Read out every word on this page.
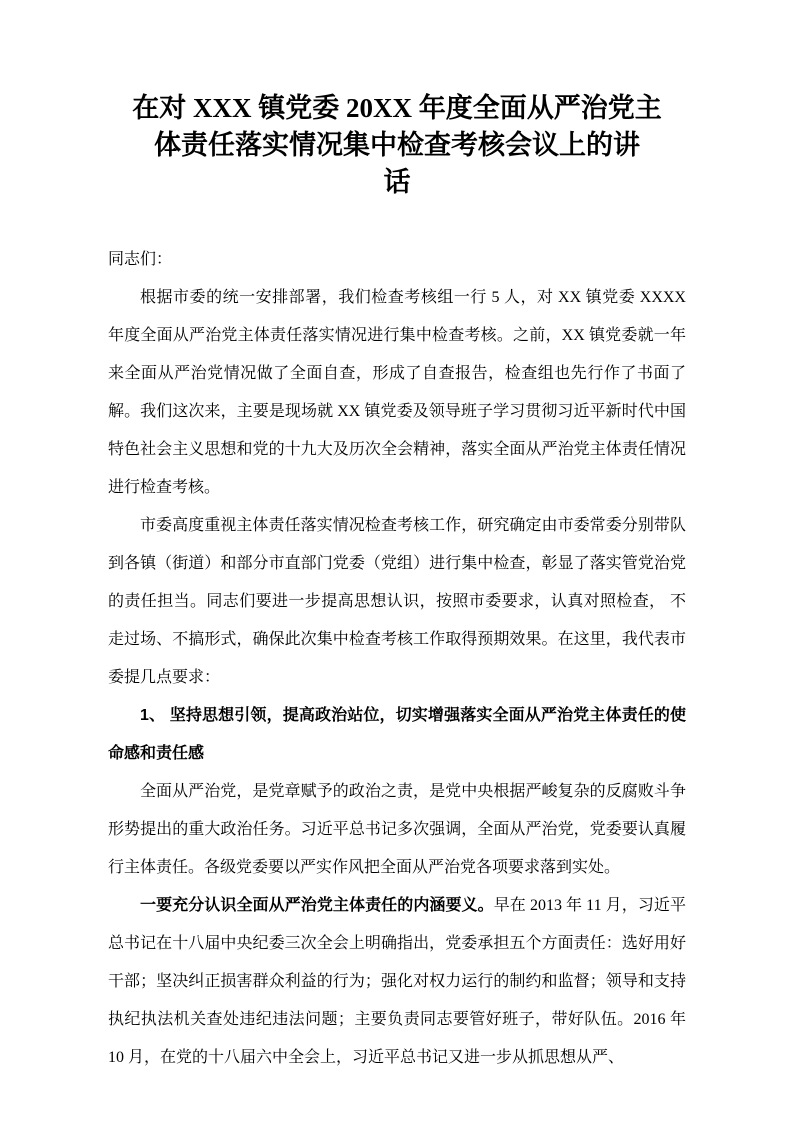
在对 XXX 镇党委 20XX 年度全面从严治党主
体责任落实情况集中检查考核会议上的讲
话

同志们：

根据市委的统一安排部署，我们检查考核组一行 5 人，对 XX 镇党委 XXXX 年度全面从严治党主体责任落实情况进行集中检查考核。之前，XX 镇党委就一年来全面从严治党情况做了全面自查，形成了自查报告，检查组也先行作了书面了解。我们这次来，主要是现场就 XX 镇党委及领导班子学习贯彻习近平新时代中国特色社会主义思想和党的十九大及历次全会精神，落实全面从严治党主体责任情况进行检查考核。

市委高度重视主体责任落实情况检查考核工作，研究确定由市委常委分别带队到各镇（街道）和部分市直部门党委（党组）进行集中检查，彰显了落实管党治党的责任担当。同志们要进一步提高思想认识，按照市委要求，认真对照检查， 不走过场、不搞形式，确保此次集中检查考核工作取得预期效果。在这里，我代表市委提几点要求：

1、 坚持思想引领，提高政治站位，切实增强落实全面从严治党主体责任的使命感和责任感

全面从严治党，是党章赋予的政治之责，是党中央根据严峻复杂的反腐败斗争形势提出的重大政治任务。习近平总书记多次强调，全面从严治党，党委要认真履行主体责任。各级党委要以严实作风把全面从严治党各项要求落到实处。

一要充分认识全面从严治党主体责任的内涵要义。早在 2013 年 11 月，习近平总书记在十八届中央纪委三次全会上明确指出，党委承担五个方面责任：选好用好干部；坚决纠正损害群众利益的行为；强化对权力运行的制约和监督；领导和支持执纪执法机关查处违纪违法问题；主要负责同志要管好班子，带好队伍。2016 年10 月，在党的十八届六中全会上，习近平总书记又进一步从抓思想从严、
